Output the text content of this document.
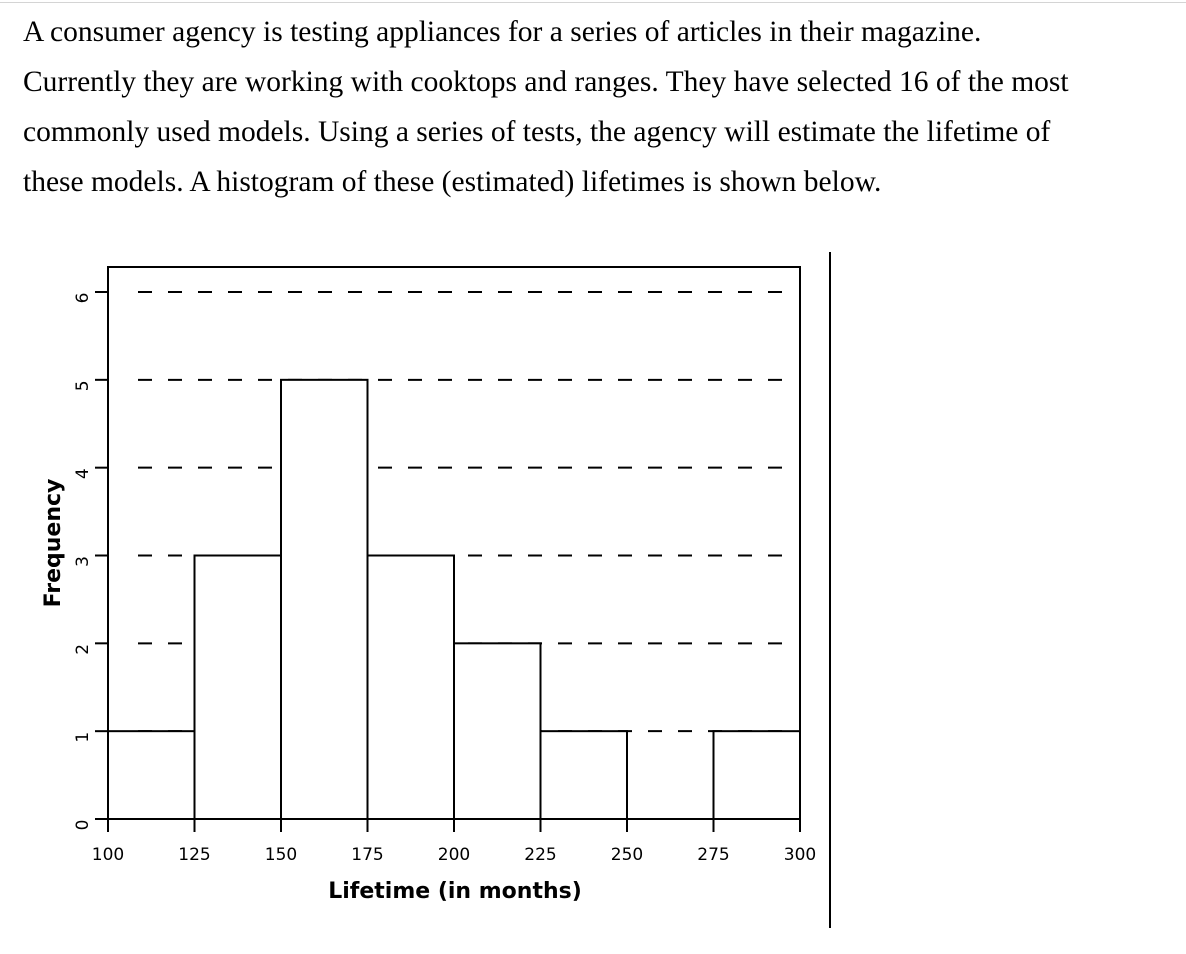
A consumer agency is testing appliances for a series of articles in their magazine.
Currently they are working with cooktops and ranges. They have selected 16 of the most
commonly used models. Using a series of tests, the agency will estimate the lifetime of
these models. A histogram of these (estimated) lifetimes is shown below.
0
1
2
3
4
5
6
100	125	150	175	200	225	250	275	300
Lifetime (in months)
Frequency
